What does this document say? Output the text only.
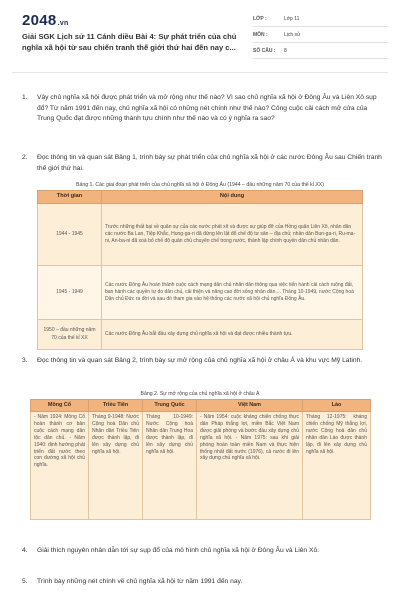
2048.vn
Giải SGK Lịch sử 11 Cánh diều Bài 4: Sự phát triển của chủ nghĩa xã hội từ sau chiến tranh thế giới thứ hai đến nay c...
LỚP :	Lớp 11
MÔN :	Lịch sử
SỐ CÂU :	8
1. Vậy chủ nghĩa xã hội được phát triển và mở rộng như thế nào? Vì sao chủ nghĩa xã hội ở Đông Âu và Liên Xô sụp đổ? Từ năm 1991 đến nay, chủ nghĩa xã hội có những nét chính như thế nào? Công cuộc cải cách mở cửa của Trung Quốc đạt được những thành tựu chính như thế nào và có ý nghĩa ra sao?
2. Đọc thông tin và quan sát Bảng 1, trình bày sự phát triển của chủ nghĩa xã hội ở các nước Đông Âu sau Chiến tranh thế giới thứ hai.
Bảng 1. Các giai đoạn phát triển của chủ nghĩa xã hội ở Đông Âu (1944 – đầu những năm 70 của thế kỉ XX)
Thời gian	Nội dung
1944 - 1945	Trước những thất bại về quân sự của các nước phát xít và được sự giúp đỡ của Hồng quân Liên Xô, nhân dân các nước Ba Lan, Tiệp Khắc, Hung-ga-ri đã đứng lên lật đổ chế độ tư sản – địa chủ; nhân dân Bun-ga-ri, Ru-ma-ni, An-ba-ni đã xoá bỏ chế độ quân chủ chuyên chế trong nước, thành lập chính quyền dân chủ nhân dân.
1945 - 1949	Các nước Đông Âu hoàn thành cuộc cách mạng dân chủ nhân dân thông qua việc tiến hành cải cách ruộng đất, ban hành các quyền tự do dân chủ, cải thiện và nâng cao đời sống nhân dân,... Tháng 10-1949, nước Cộng hoà Dân chủ Đức ra đời và sau đó tham gia vào hệ thống các nước xã hội chủ nghĩa Đông Âu.
1950 – đầu những năm 70 của thế kỉ XX	Các nước Đông Âu bắt đầu xây dựng chủ nghĩa xã hội và đạt được nhiều thành tựu.
3. Đọc thông tin và quan sát Bảng 2, trình bày sự mở rộng của chủ nghĩa xã hội ở châu Á và khu vực Mỹ Latinh.
Bảng 2. Sự mở rộng của chủ nghĩa xã hội ở châu Á
Mông Cổ	Triều Tiên	Trung Quốc	Việt Nam	Lào
- Năm 1924: Mông Cổ hoàn thành cơ bản cuộc cách mạng dân tộc dân chủ. - Năm 1940: định hướng phát triển đất nước theo con đường xã hội chủ nghĩa.	Tháng 9-1948: Nước Cộng hoà Dân chủ Nhân dân Triều Tiên được thành lập, đi lên xây dựng chủ nghĩa xã hội.	Tháng 10-1949: Nước Cộng hoà Nhân dân Trung Hoa được thành lập, đi lên xây dựng chủ nghĩa xã hội.	- Năm 1954: cuộc kháng chiến chống thực dân Pháp thắng lợi, miền Bắc Việt Nam được giải phóng và bước đầu xây dựng chủ nghĩa xã hội. - Năm 1975: sau khi giải phóng hoàn toàn miền Nam và thực hiện thống nhất đất nước (1976), cả nước đi lên xây dựng chủ nghĩa xã hội.	Tháng 12-1975: kháng chiến chống Mỹ thắng lợi, nước Cộng hoà dân chủ nhân dân Lào được thành lập, đi lên xây dựng chủ nghĩa xã hội.
4. Giải thích nguyên nhân dẫn tới sự sụp đổ của mô hình chủ nghĩa xã hội ở Đông Âu và Liên Xô.
5. Trình bày những nét chính về chủ nghĩa xã hội từ năm 1991 đến nay.
